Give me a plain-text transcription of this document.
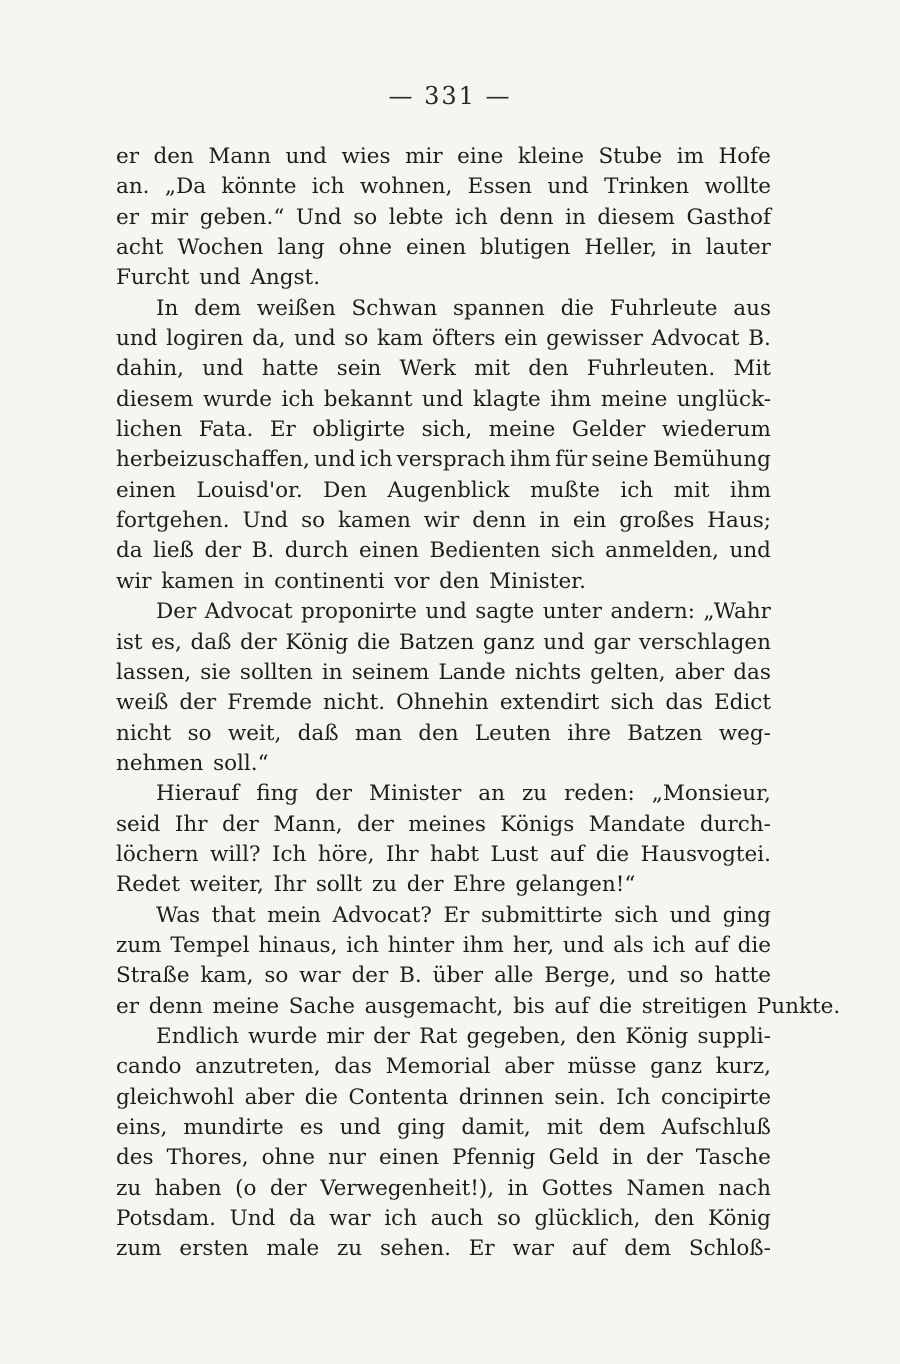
— 331 —
er den Mann und wies mir eine kleine Stube im Hofe
an. „Da könnte ich wohnen, Essen und Trinken wollte
er mir geben.“ Und so lebte ich denn in diesem Gasthof
acht Wochen lang ohne einen blutigen Heller, in lauter
Furcht und Angst.
In dem weißen Schwan spannen die Fuhrleute aus
und logiren da, und so kam öfters ein gewisser Advocat B.
dahin, und hatte sein Werk mit den Fuhrleuten. Mit
diesem wurde ich bekannt und klagte ihm meine unglück-
lichen Fata. Er obligirte sich, meine Gelder wiederum
herbeizuschaffen, und ich versprach ihm für seine Bemühung
einen Louisd'or. Den Augenblick mußte ich mit ihm
fortgehen. Und so kamen wir denn in ein großes Haus;
da ließ der B. durch einen Bedienten sich anmelden, und
wir kamen in continenti vor den Minister.
Der Advocat proponirte und sagte unter andern: „Wahr
ist es, daß der König die Batzen ganz und gar verschlagen
lassen, sie sollten in seinem Lande nichts gelten, aber das
weiß der Fremde nicht. Ohnehin extendirt sich das Edict
nicht so weit, daß man den Leuten ihre Batzen weg-
nehmen soll.“
Hierauf fing der Minister an zu reden: „Monsieur,
seid Ihr der Mann, der meines Königs Mandate durch-
löchern will? Ich höre, Ihr habt Lust auf die Hausvogtei.
Redet weiter, Ihr sollt zu der Ehre gelangen!“
Was that mein Advocat? Er submittirte sich und ging
zum Tempel hinaus, ich hinter ihm her, und als ich auf die
Straße kam, so war der B. über alle Berge, und so hatte
er denn meine Sache ausgemacht, bis auf die streitigen Punkte.
Endlich wurde mir der Rat gegeben, den König suppli-
cando anzutreten, das Memorial aber müsse ganz kurz,
gleichwohl aber die Contenta drinnen sein. Ich concipirte
eins, mundirte es und ging damit, mit dem Aufschluß
des Thores, ohne nur einen Pfennig Geld in der Tasche
zu haben (o der Verwegenheit!), in Gottes Namen nach
Potsdam. Und da war ich auch so glücklich, den König
zum ersten male zu sehen. Er war auf dem Schloß-
